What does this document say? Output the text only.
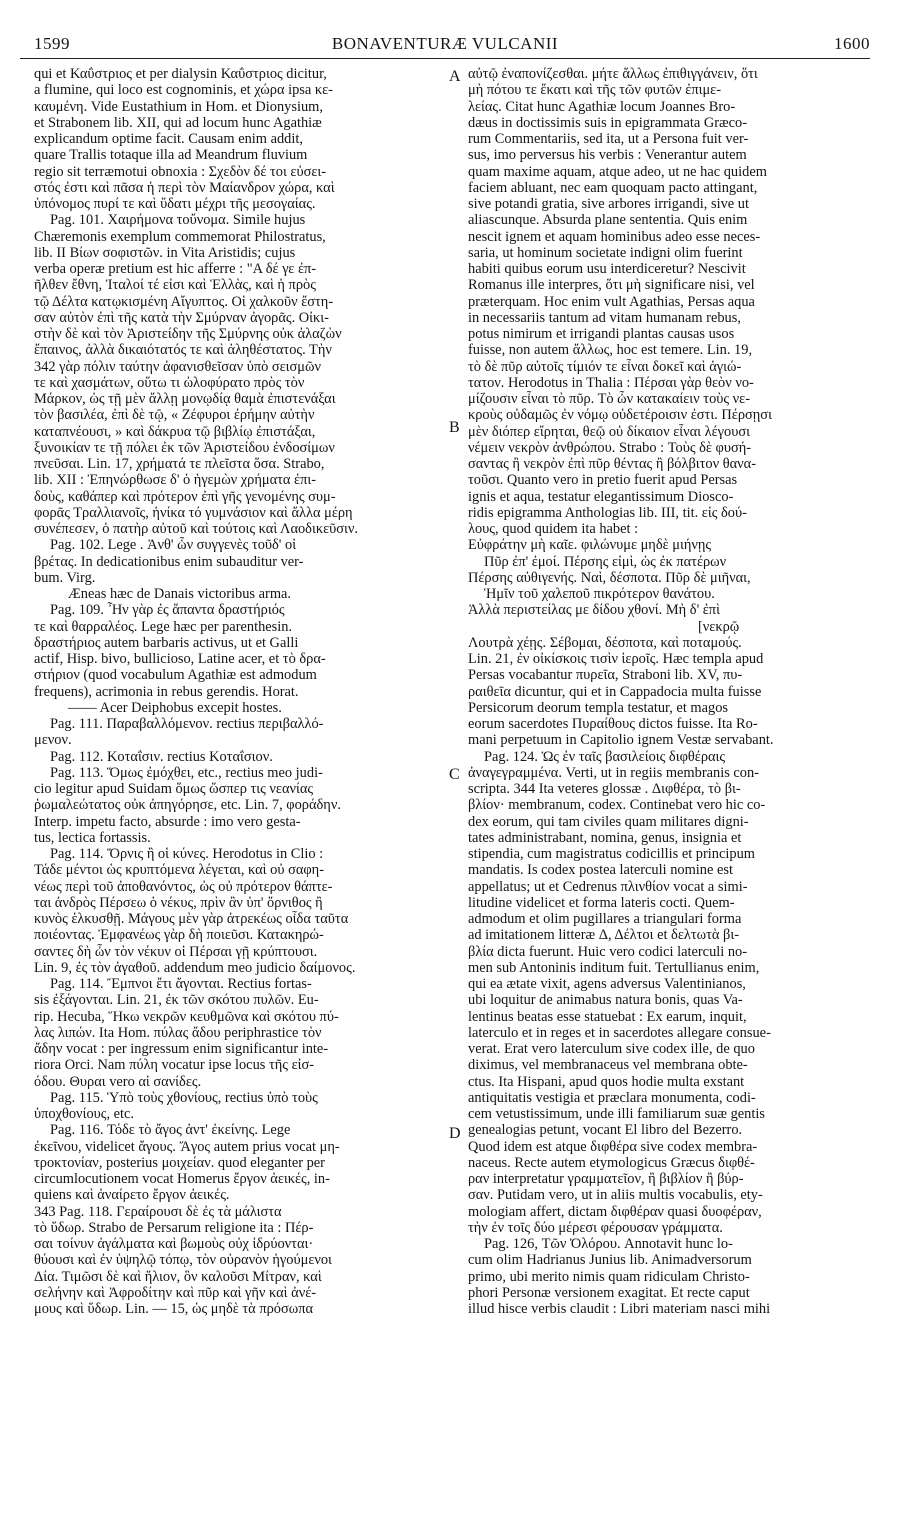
1599	BONAVENTURÆ VULCANII	1600
A
B
C
D
qui et Καΰστριος et per dialysin Καΰστριος dicitur,
a flumine, qui loco est cognominis, et χώρα ipsa κε-
καυμένη. Vide Eustathium in Hom. et Dionysium,
et Strabonem lib. XII, qui ad locum hunc Agathiæ
explicandum optime facit. Causam enim addit,
quare Trallis totaque illa ad Meandrum fluvium
regio sit terræmotui obnoxia : Σχεδὸν δέ τοι εὐσει-
στός ἐστι καὶ πᾶσα ἡ περὶ τὸν Μαίανδρον χώρα, καὶ
ὑπόνομος πυρί τε καὶ ὕδατι μέχρι τῆς μεσογαίας.
Pag. 101. Χαιρήμονα τοὔνομα. Simile hujus
Chæremonis exemplum commemorat Philostratus,
lib. II Βίων σοφιστῶν. in Vita Aristidis; cujus
verba operæ pretium est hic afferre : "Α δέ γε ἐπ-
ῆλθεν ἔθνη, Ἰταλοί τέ εἰσι καὶ Ἑλλὰς, καὶ ἡ πρὸς
τῷ Δέλτα κατῳκισμένη Αἴγυπτος. Οἱ χαλκοῦν ἔστη-
σαν αὐτὸν ἐπὶ τῆς κατὰ τὴν Σμύρναν ἀγορᾶς. Οἰκι-
στὴν δὲ καὶ τὸν Ἀριστείδην τῆς Σμύρνης οὐκ ἀλαζὼν
ἔπαινος, ἀλλὰ δικαιότατός τε καὶ ἀληθέστατος. Τὴν
342 γὰρ πόλιν ταύτην ἀφανισθεῖσαν ὑπὸ σεισμῶν
τε καὶ χασμάτων, οὕτω τι ὠλοφύρατο πρὸς τὸν
Μάρκον, ὡς τῇ μὲν ἄλλῃ μονῳδίᾳ θαμὰ ἐπιστενάξαι
τὸν βασιλέα, ἐπὶ δὲ τῷ, « Ζέφυροι ἐρήμην αὐτὴν
καταπνέουσι, » καὶ δάκρυα τῷ βιβλίῳ ἐπιστάξαι,
ξυνοικίαν τε τῇ πόλει ἐκ τῶν Ἀριστείδου ἐνδοσίμων
πνεῦσαι. Lin. 17, χρήματά τε πλεῖστα ὅσα. Strabo,
lib. XII : Ἐπηνώρθωσε δ' ὁ ἡγεμὼν χρήματα ἐπι-
δοὺς, καθάπερ καὶ πρότερον ἐπὶ γῆς γενομένης συμ-
φορᾶς Τραλλιανοῖς, ἡνίκα τό γυμνάσιον καὶ ἄλλα μέρη
συνέπεσεν, ὁ πατὴρ αὐτοῦ καὶ τούτοις καὶ Λαοδικεῦσιν.
Pag. 102. Lege . Ἀνθ' ὧν συγγενὲς τοῦδ' οἱ
βρέτας. In dedicationibus enim subauditur ver-
bum. Virg.
Æneas hæc de Danais victoribus arma.
Pag. 109. Ἦν γὰρ ἐς ἅπαντα δραστήριός
τε καὶ θαρραλέος. Lege hæc per parenthesin.
δραστήριος autem barbaris activus, ut et Galli
actif, Hisp. bivo, bullicioso, Latine acer, et τὸ δρα-
στήριον (quod vocabulum Agathiæ est admodum
frequens), acrimonia in rebus gerendis. Horat.
—— Acer Deiphobus excepit hostes.
Pag. 111. Παραβαλλόμενον. rectius περιβαλλό-
μενον.
Pag. 112. Κοταΐσιν. rectius Κοταΐσιον.
Pag. 113. Ὅμως ἐμόχθει, etc., rectius meo judi-
cio legitur apud Suidam ὅμως ὥσπερ τις νεανίας
ῥωμαλεώτατος οὐκ ἀπηγόρησε, etc. Lin. 7, φοράδην.
Interp. impetu facto, absurde : imo vero gesta-
tus, lectica fortassis.
Pag. 114. Ὄρνις ἢ οἱ κύνες. Herodotus in Clio :
Τάδε μέντοι ὡς κρυπτόμενα λέγεται, καὶ οὐ σαφη-
νέως περὶ τοῦ ἀποθανόντος, ὡς οὐ πρότερον θάπτε-
ται ἀνδρὸς Πέρσεω ὁ νέκυς, πρὶν ἂν ὑπ' ὄρνιθος ἢ
κυνὸς ἑλκυσθῇ. Μάγους μὲν γὰρ ἀτρεκέως οἶδα ταῦτα
ποιέοντας. Ἐμφανέως γὰρ δὴ ποιεῦσι. Κατακηρώ-
σαντες δὴ ὦν τὸν νέκυν οἱ Πέρσαι γῇ κρύπτουσι.
Lin. 9, ἐς τὸν ἀγαθοῦ. addendum meo judicio δαίμονος.
Pag. 114. Ἔμπνοι ἔτι ἄγονται. Rectius fortas-
sis ἐξάγονται. Lin. 21, ἐκ τῶν σκότου πυλῶν. Eu-
rip. Hecuba, Ἥκω νεκρῶν κευθμῶνα καὶ σκότου πύ-
λας λιπών. Ita Hom. πύλας ἄδου periphrastice τὸν
ἄδην vocat : per ingressum enim significantur inte-
riora Orci. Nam πύλη vocatur ipse locus τῆς εἰσ-
όδου. Θυραι vero αἱ σανίδες.
Pag. 115. Ὑπὸ τοὺς χθονίους, rectius ὑπὸ τοὺς
ὑποχθονίους, etc.
Pag. 116. Τόδε τὸ ἄγος ἀντ' ἐκείνης. Lege
ἐκεῖνου, videlicet ἄγους. Ἄγος autem prius vocat μη-
τροκτονίαν, posterius μοιχείαν. quod eleganter per
circumlocutionem vocat Homerus ἔργον ἀεικές, in-
quiens καὶ ἀναίρετο ἔργον ἀεικές.
343 Pag. 118. Γεραίρουσι δὲ ἐς τὰ μάλιστα
τὸ ὕδωρ. Strabo de Persarum religione ita : Πέρ-
σαι τοίνυν ἀγάλματα καὶ βωμοὺς οὐχ ἱδρύονται·
θύουσι καὶ ἐν ὑψηλῷ τόπῳ, τὸν οὐρανὸν ἡγούμενοι
Δία. Τιμῶσι δὲ καὶ ἥλιον, ὃν καλοῦσι Μίτραν, καὶ
σελήνην καὶ Ἀφροδίτην καὶ πῦρ καὶ γῆν καὶ ἀνέ-
μους καὶ ὕδωρ. Lin. — 15, ὡς μηδὲ τὰ πρόσωπα
αὐτῷ ἐναπονίζεσθαι. μήτε ἄλλως ἐπιθιγγάνειν, ὅτι
μὴ πότου τε ἕκατι καὶ τῆς τῶν φυτῶν ἐπιμε-
λείας. Citat hunc Agathiæ locum Joannes Bro-
dæus in doctissimis suis in epigrammata Græco-
rum Commentariis, sed ita, ut a Persona fuit ver-
sus, imo perversus his verbis : Venerantur autem
quam maxime aquam, atque adeo, ut ne hac quidem
faciem abluant, nec eam quoquam pacto attingant,
sive potandi gratia, sive arbores irrigandi, sive ut
aliascunque. Absurda plane sententia. Quis enim
nescit ignem et aquam hominibus adeo esse neces-
saria, ut hominum societate indigni olim fuerint
habiti quibus eorum usu interdiceretur? Nescivit
Romanus ille interpres, ὅτι μὴ significare nisi, vel
præterquam. Hoc enim vult Agathias, Persas aqua
in necessariis tantum ad vitam humanam rebus,
potus nimirum et irrigandi plantas causas usos
fuisse, non autem ἄλλως, hoc est temere. Lin. 19,
τὸ δὲ πῦρ αὐτοῖς τίμιόν τε εἶναι δοκεῖ καὶ ἁγιώ-
τατον. Herodotus in Thalia : Πέρσαι γὰρ θεὸν νο-
μίζουσιν εἶναι τὸ πῦρ. Τὸ ὦν κατακαίειν τοὺς νε-
κροὺς οὐδαμῶς ἐν νόμῳ οὐδετέροισιν ἐστι. Πέρσῃσι
μὲν διόπερ εἴρηται, θεῷ οὐ δίκαιον εἶναι λέγουσι
νέμειν νεκρὸν ἀνθρώπου. Strabo : Τοὺς δὲ φυσή-
σαντας ἢ νεκρὸν ἐπὶ πῦρ θέντας ἢ βόλβιτον θανα-
τοῦσι. Quanto vero in pretio fuerit apud Persas
ignis et aqua, testatur elegantissimum Diosco-
ridis epigramma Anthologias lib. III, tit. εἰς δού-
λους, quod quidem ita habet :
Εὐφράτην μὴ καῖε. φιλώνυμε μηδὲ μιήνῃς
Πῦρ ἐπ' ἐμοί. Πέρσης εἰμὶ, ὡς ἐκ πατέρων
Πέρσης αὐθιγενής. Ναὶ, δέσποτα. Πῦρ δὲ μιῆναι,
Ἡμῖν τοῦ χαλεποῦ πικρότερον θανάτου.
Ἀλλὰ περιστείλας με δίδου χθονί. Μὴ δ' ἐπὶ
[νεκρῷ
Λουτρὰ χέῃς. Σέβομαι, δέσποτα, καὶ ποταμούς.
Lin. 21, ἐν οἰκίσκοις τισὶν ἱεροῖς. Hæc templa apud
Persas vocabantur πυρεῖα, Straboni lib. XV, πυ-
ραιθεῖα dicuntur, qui et in Cappadocia multa fuisse
Persicorum deorum templa testatur, et magos
eorum sacerdotes Πυραίθους dictos fuisse. Ita Ro-
mani perpetuum in Capitolio ignem Vestæ servabant.
Pag. 124. Ὡς ἐν ταῖς βασιλείοις διφθέραις
ἀναγεγραμμένα. Verti, ut in regiis membranis con-
scripta. 344 Ita veteres glossæ . Διφθέρα, τὸ βι-
βλίον· membranum, codex. Continebat vero hic co-
dex eorum, qui tam civiles quam militares digni-
tates administrabant, nomina, genus, insignia et
stipendia, cum magistratus codicillis et principum
mandatis. Is codex postea laterculi nomine est
appellatus; ut et Cedrenus πλινθίον vocat a simi-
litudine videlicet et forma lateris cocti. Quem-
admodum et olim pugillares a triangulari forma
ad imitationem litteræ Δ, Δέλτοι et δελτωτὰ βι-
βλία dicta fuerunt. Huic vero codici laterculi no-
men sub Antoninis inditum fuit. Tertullianus enim,
qui ea ætate vixit, agens adversus Valentinianos,
ubi loquitur de animabus natura bonis, quas Va-
lentinus beatas esse statuebat : Ex earum, inquit,
laterculo et in reges et in sacerdotes allegare consue-
verat. Erat vero laterculum sive codex ille, de quo
diximus, vel membranaceus vel membrana obte-
ctus. Ita Hispani, apud quos hodie multa exstant
antiquitatis vestigia et præclara monumenta, codi-
cem vetustissimum, unde illi familiarum suæ gentis
genealogias petunt, vocant El libro del Bezerro.
Quod idem est atque διφθέρα sive codex membra-
naceus. Recte autem etymologicus Græcus διφθέ-
ραν interpretatur γραμματεῖον, ἢ βιβλίον ἢ βύρ-
σαν. Putidam vero, ut in aliis multis vocabulis, ety-
mologiam affert, dictam διφθέραν quasi δυοφέραν,
τὴν ἐν τοῖς δύο μέρεσι φέρουσαν γράμματα.
Pag. 126, Τῶν Ὀλόρου. Annotavit hunc lo-
cum olim Hadrianus Junius lib. Animadversorum
primo, ubi merito nimis quam ridiculam Christo-
phori Personæ versionem exagitat. Et recte caput
illud hisce verbis claudit : Libri materiam nasci mihi
